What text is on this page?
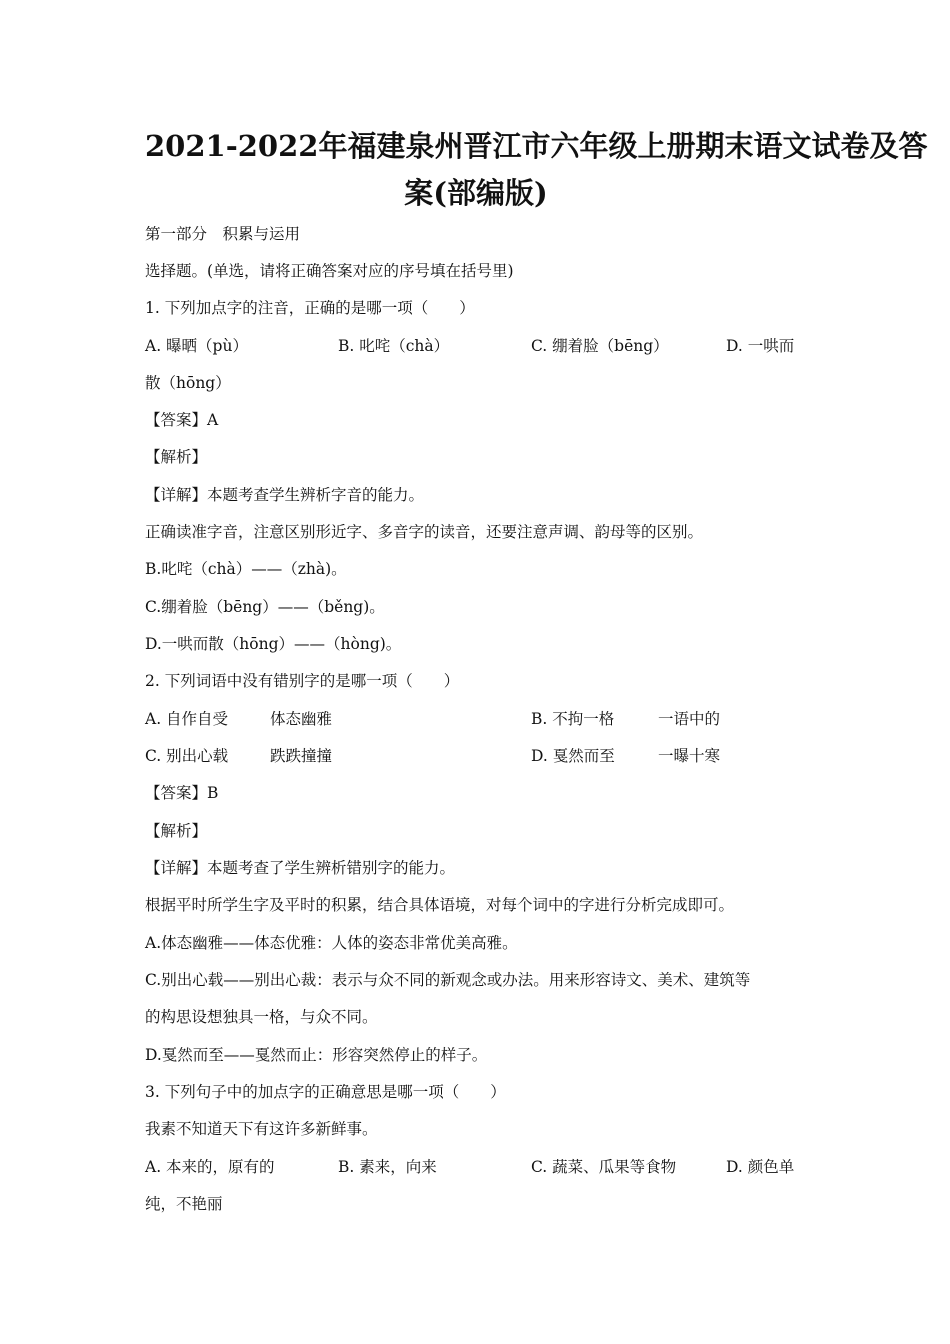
2021-2022年福建泉州晋江市六年级上册期末语文试卷及答
案(部编版)
第一部分　积累与运用
选择题。(单选，请将正确答案对应的序号填在括号里)
1. 下列加点字的注音，正确的是哪一项（　　）
A. 曝晒（pù）	B. 叱咤（chà）	C. 绷着脸（bēng）	D. 一哄而
散（hōng）
【答案】A
【解析】
【详解】本题考查学生辨析字音的能力。
正确读准字音，注意区别形近字、多音字的读音，还要注意声调、韵母等的区别。
B.叱咤（chà）——（zhà)。
C.绷着脸（bēng）——（běng)。
D.一哄而散（hōng）——（hòng)。
2. 下列词语中没有错别字的是哪一项（　　）
A. 自作自受	体态幽雅	B. 不拘一格	一语中的
C. 别出心载	跌跌撞撞	D. 戛然而至	一曝十寒
【答案】B
【解析】
【详解】本题考查了学生辨析错别字的能力。
根据平时所学生字及平时的积累，结合具体语境，对每个词中的字进行分析完成即可。
A.体态幽雅——体态优雅：人体的姿态非常优美高雅。
C.别出心载——别出心裁：表示与众不同的新观念或办法。用来形容诗文、美术、建筑等
的构思设想独具一格，与众不同。
D.戛然而至——戛然而止：形容突然停止的样子。
3. 下列句子中的加点字的正确意思是哪一项（　　）
我素不知道天下有这许多新鲜事。
A. 本来的，原有的	B. 素来，向来	C. 蔬菜、瓜果等食物	D. 颜色单
纯，不艳丽
